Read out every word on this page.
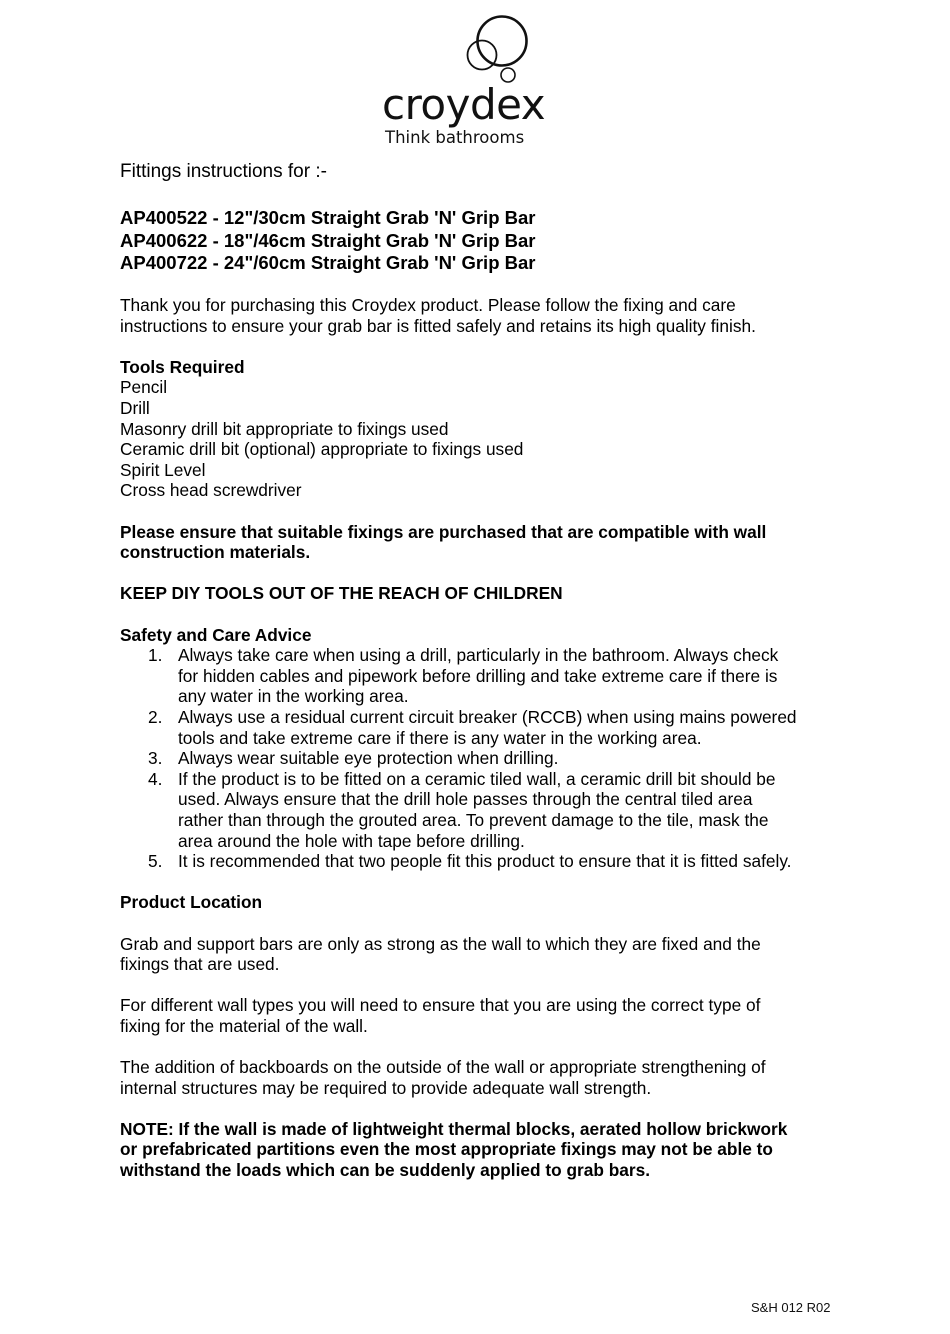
croydex
Think bathrooms

Fittings instructions for :-

AP400522 - 12"/30cm Straight Grab 'N' Grip Bar

AP400622 - 18"/46cm Straight Grab 'N' Grip Bar

AP400722 - 24"/60cm Straight Grab 'N' Grip Bar

Thank you for purchasing this Croydex product. Please follow the fixing and care

instructions to ensure your grab bar is fitted safely and retains its high quality finish.

Tools Required

Pencil

Drill

Masonry drill bit appropriate to fixings used

Ceramic drill bit (optional) appropriate to fixings used

Spirit Level

Cross head screwdriver

Please ensure that suitable fixings are purchased that are compatible with wall

construction materials.

KEEP DIY TOOLS OUT OF THE REACH OF CHILDREN

Safety and Care Advice

1. Always take care when using a drill, particularly in the bathroom. Always check
for hidden cables and pipework before drilling and take extreme care if there is
any water in the working area.
2. Always use a residual current circuit breaker (RCCB) when using mains powered
tools and take extreme care if there is any water in the working area.
3. Always wear suitable eye protection when drilling.
4. If the product is to be fitted on a ceramic tiled wall, a ceramic drill bit should be
used. Always ensure that the drill hole passes through the central tiled area
rather than through the grouted area. To prevent damage to the tile, mask the
area around the hole with tape before drilling.
5. It is recommended that two people fit this product to ensure that it is fitted safely.

Product Location

Grab and support bars are only as strong as the wall to which they are fixed and the

fixings that are used.

For different wall types you will need to ensure that you are using the correct type of

fixing for the material of the wall.

The addition of backboards on the outside of the wall or appropriate strengthening of

internal structures may be required to provide adequate wall strength.

NOTE: If the wall is made of lightweight thermal blocks, aerated hollow brickwork

or prefabricated partitions even the most appropriate fixings may not be able to

withstand the loads which can be suddenly applied to grab bars.

S&H 012 R02
